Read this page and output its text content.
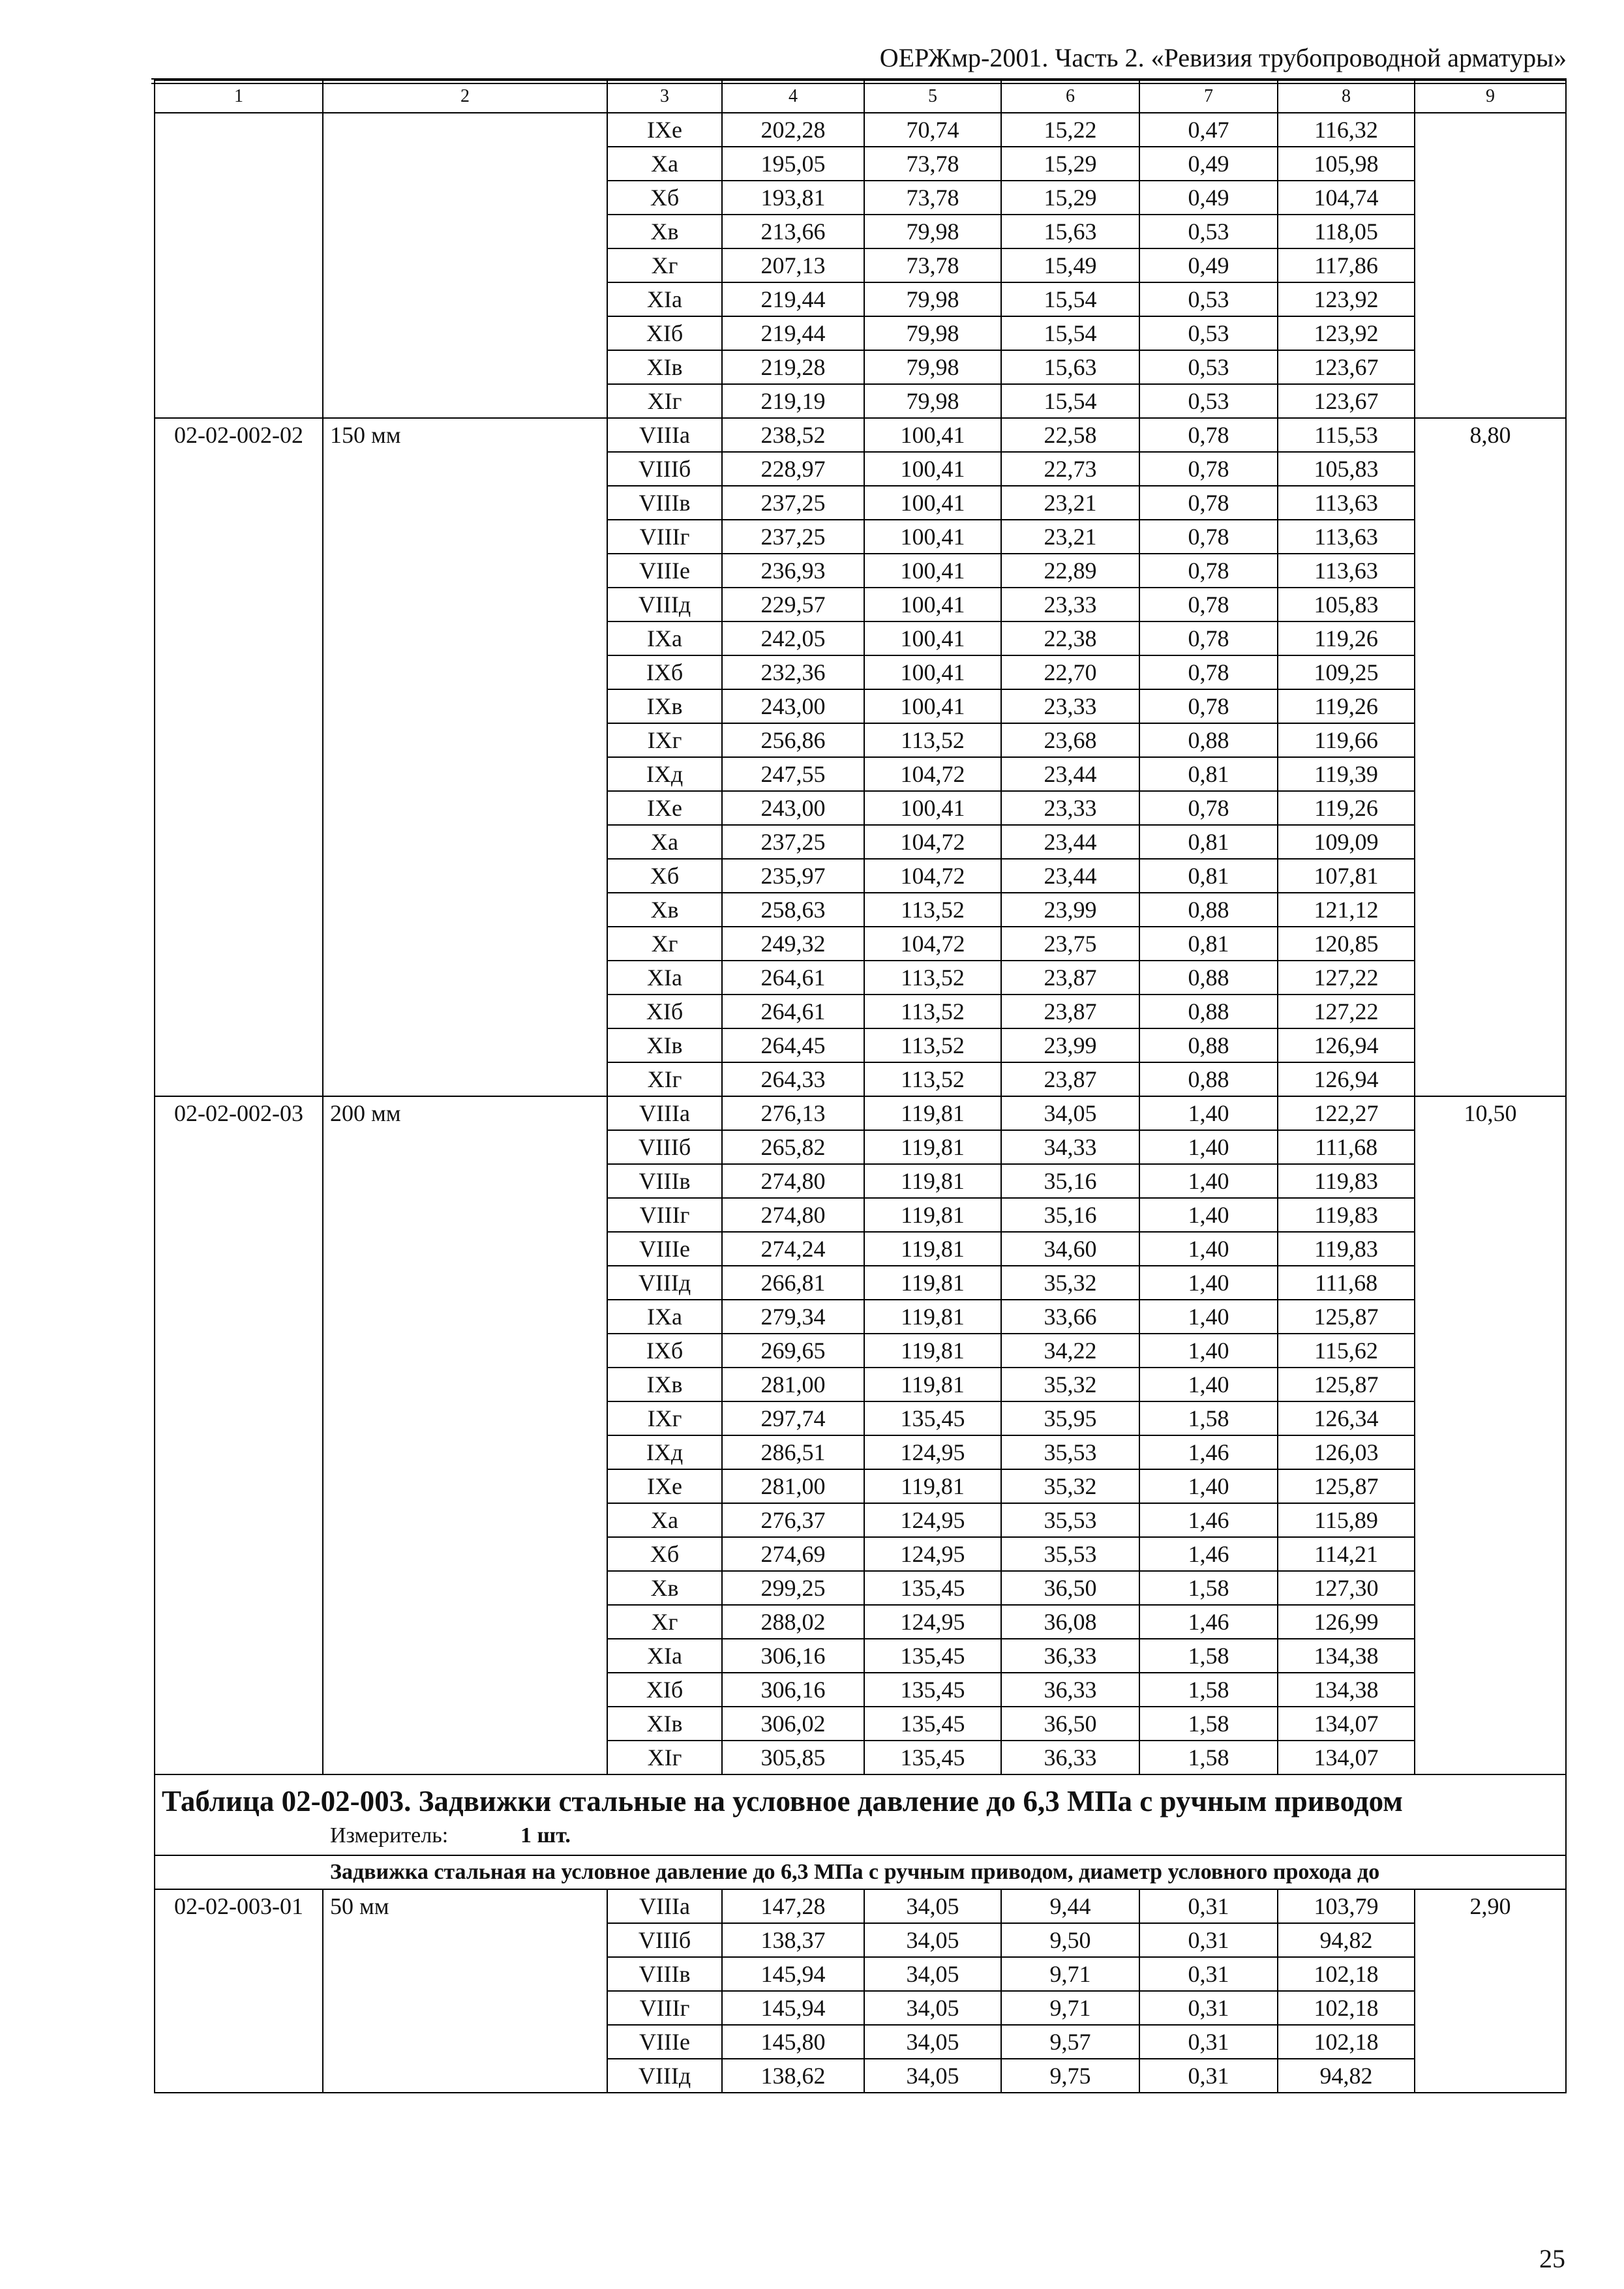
ОЕРЖмр-2001. Часть 2. «Ревизия трубопроводной арматуры»
1	2	3	4	5	6	7	8	9
		IXе	202,28	70,74	15,22	0,47	116,32	
		Xа	195,05	73,78	15,29	0,49	105,98	
		Xб	193,81	73,78	15,29	0,49	104,74	
		Xв	213,66	79,98	15,63	0,53	118,05	
		Xг	207,13	73,78	15,49	0,49	117,86	
		XIа	219,44	79,98	15,54	0,53	123,92	
		XIб	219,44	79,98	15,54	0,53	123,92	
		XIв	219,28	79,98	15,63	0,53	123,67	
		XIг	219,19	79,98	15,54	0,53	123,67	
02-02-002-02	150 мм	VIIIа	238,52	100,41	22,58	0,78	115,53	8,80
		VIIIб	228,97	100,41	22,73	0,78	105,83	
		VIIIв	237,25	100,41	23,21	0,78	113,63	
		VIIIг	237,25	100,41	23,21	0,78	113,63	
		VIIIе	236,93	100,41	22,89	0,78	113,63	
		VIIIд	229,57	100,41	23,33	0,78	105,83	
		IXа	242,05	100,41	22,38	0,78	119,26	
		IXб	232,36	100,41	22,70	0,78	109,25	
		IXв	243,00	100,41	23,33	0,78	119,26	
		IXг	256,86	113,52	23,68	0,88	119,66	
		IXд	247,55	104,72	23,44	0,81	119,39	
		IXе	243,00	100,41	23,33	0,78	119,26	
		Xа	237,25	104,72	23,44	0,81	109,09	
		Xб	235,97	104,72	23,44	0,81	107,81	
		Xв	258,63	113,52	23,99	0,88	121,12	
		Xг	249,32	104,72	23,75	0,81	120,85	
		XIа	264,61	113,52	23,87	0,88	127,22	
		XIб	264,61	113,52	23,87	0,88	127,22	
		XIв	264,45	113,52	23,99	0,88	126,94	
		XIг	264,33	113,52	23,87	0,88	126,94	
02-02-002-03	200 мм	VIIIа	276,13	119,81	34,05	1,40	122,27	10,50
		VIIIб	265,82	119,81	34,33	1,40	111,68	
		VIIIв	274,80	119,81	35,16	1,40	119,83	
		VIIIг	274,80	119,81	35,16	1,40	119,83	
		VIIIе	274,24	119,81	34,60	1,40	119,83	
		VIIIд	266,81	119,81	35,32	1,40	111,68	
		IXа	279,34	119,81	33,66	1,40	125,87	
		IXб	269,65	119,81	34,22	1,40	115,62	
		IXв	281,00	119,81	35,32	1,40	125,87	
		IXг	297,74	135,45	35,95	1,58	126,34	
		IXд	286,51	124,95	35,53	1,46	126,03	
		IXе	281,00	119,81	35,32	1,40	125,87	
		Xа	276,37	124,95	35,53	1,46	115,89	
		Xб	274,69	124,95	35,53	1,46	114,21	
		Xв	299,25	135,45	36,50	1,58	127,30	
		Xг	288,02	124,95	36,08	1,46	126,99	
		XIа	306,16	135,45	36,33	1,58	134,38	
		XIб	306,16	135,45	36,33	1,58	134,38	
		XIв	306,02	135,45	36,50	1,58	134,07	
		XIг	305,85	135,45	36,33	1,58	134,07	

Таблица 02-02-003. Задвижки стальные на условное давление до 6,3 МПа с ручным приводом
Измеритель: 1 шт.								

Задвижка стальная на условное давление до 6,3 МПа с ручным приводом, диаметр условного прохода до								
02-02-003-01	50 мм	VIIIа	147,28	34,05	9,44	0,31	103,79	2,90
		VIIIб	138,37	34,05	9,50	0,31	94,82	
		VIIIв	145,94	34,05	9,71	0,31	102,18	
		VIIIг	145,94	34,05	9,71	0,31	102,18	
		VIIIе	145,80	34,05	9,57	0,31	102,18	
		VIIIд	138,62	34,05	9,75	0,31	94,82	
25
